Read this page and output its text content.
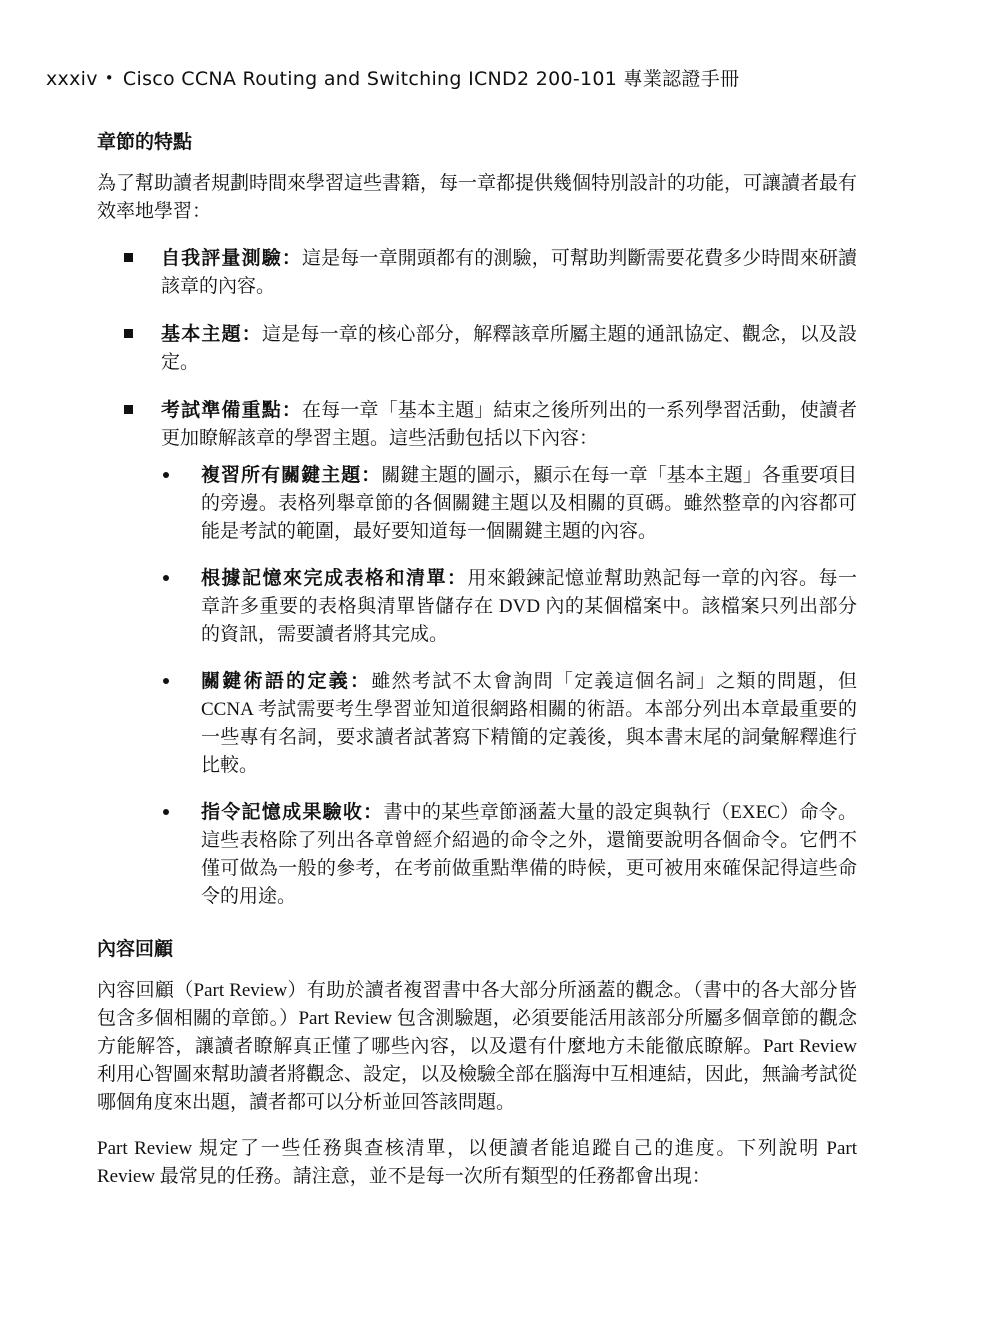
xxxiv • Cisco CCNA Routing and Switching ICND2 200-101 專業認證手冊
章節的特點

為了幫助讀者規劃時間來學習這些書籍，每一章都提供幾個特別設計的功能，可讓讀者最有效率地學習：

自我評量測驗：這是每一章開頭都有的測驗，可幫助判斷需要花費多少時間來研讀該章的內容。
基本主題：這是每一章的核心部分，解釋該章所屬主題的通訊協定、觀念，以及設定。
考試準備重點：在每一章「基本主題」結束之後所列出的一系列學習活動，使讀者更加瞭解該章的學習主題。這些活動包括以下內容：
複習所有關鍵主題：關鍵主題的圖示，顯示在每一章「基本主題」各重要項目的旁邊。表格列舉章節的各個關鍵主題以及相關的頁碼。雖然整章的內容都可能是考試的範圍，最好要知道每一個關鍵主題的內容。
根據記憶來完成表格和清單：用來鍛鍊記憶並幫助熟記每一章的內容。每一章許多重要的表格與清單皆儲存在 DVD 內的某個檔案中。該檔案只列出部分的資訊，需要讀者將其完成。
關鍵術語的定義：雖然考試不太會詢問「定義這個名詞」之類的問題，但 CCNA 考試需要考生學習並知道很網路相關的術語。本部分列出本章最重要的一些專有名詞，要求讀者試著寫下精簡的定義後，與本書末尾的詞彙解釋進行比較。
指令記憶成果驗收：書中的某些章節涵蓋大量的設定與執行（EXEC）命令。這些表格除了列出各章曾經介紹過的命令之外，還簡要說明各個命令。它們不僅可做為一般的參考，在考前做重點準備的時候，更可被用來確保記得這些命令的用途。
內容回顧

內容回顧（Part Review）有助於讀者複習書中各大部分所涵蓋的觀念。（書中的各大部分皆包含多個相關的章節。）Part Review 包含測驗題，必須要能活用該部分所屬多個章節的觀念方能解答，讓讀者瞭解真正懂了哪些內容，以及還有什麼地方未能徹底瞭解。Part Review 利用心智圖來幫助讀者將觀念、設定，以及檢驗全部在腦海中互相連結，因此，無論考試從哪個角度來出題，讀者都可以分析並回答該問題。

Part Review 規定了一些任務與查核清單，以便讀者能追蹤自己的進度。下列說明 Part Review 最常見的任務。請注意，並不是每一次所有類型的任務都會出現：
